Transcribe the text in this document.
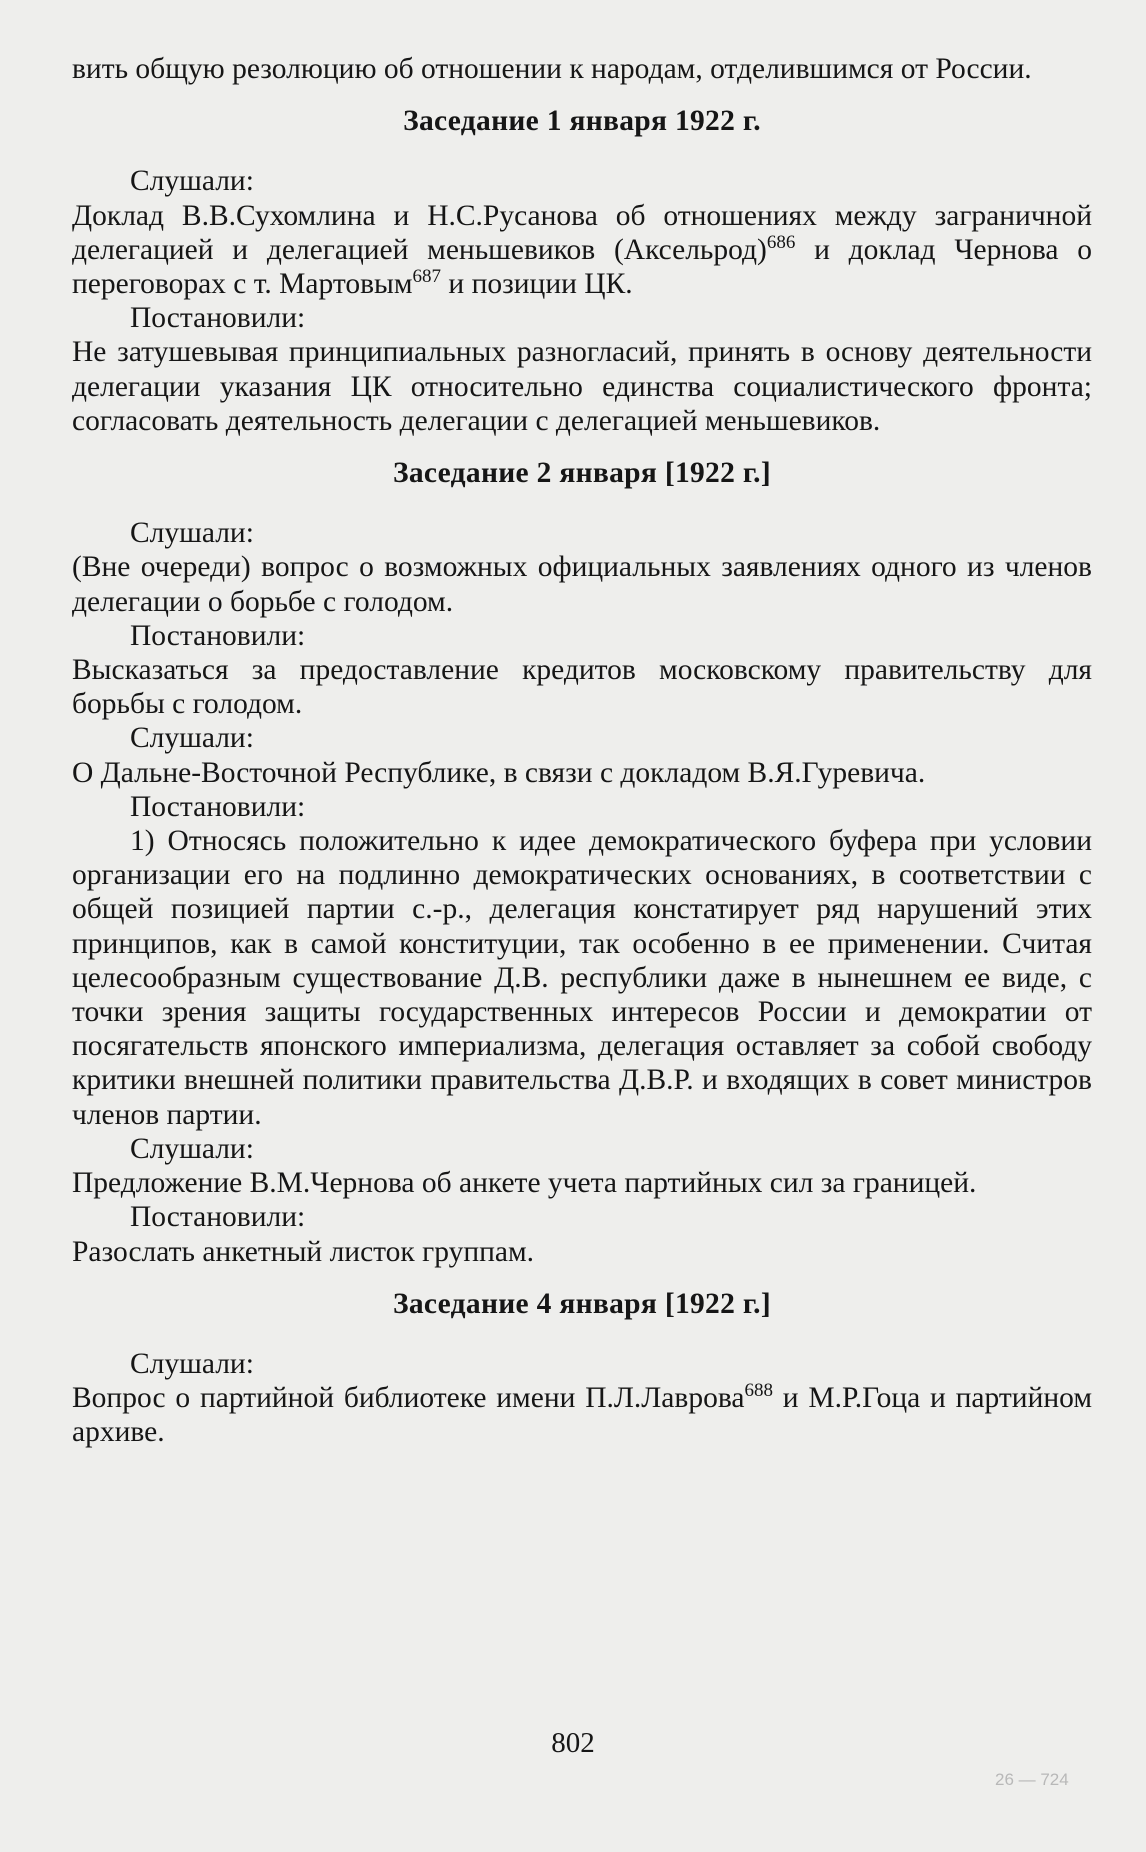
вить общую резолюцию об отношении к народам, отделившимся от России.

Заседание 1 января 1922 г.

Слушали:

Доклад В.В.Сухомлина и Н.С.Русанова об отношениях между заграничной делегацией и делегацией меньшевиков (Аксельрод)$^{686}$ и доклад Чернова о переговорах с т. Мартовым$^{687}$ и позиции ЦК.

Постановили:

Не затушевывая принципиальных разногласий, принять в основу деятельности делегации указания ЦК относительно единства социалистического фронта; согласовать деятельность делегации с делегацией меньшевиков.

Заседание 2 января [1922 г.]

Слушали:

(Вне очереди) вопрос о возможных официальных заявлениях одного из членов делегации о борьбе с голодом.

Постановили:

Высказаться за предоставление кредитов московскому правительству для борьбы с голодом.

Слушали:

О Дальне-Восточной Республике, в связи с докладом В.Я.Гуревича.

Постановили:

1) Относясь положительно к идее демократического буфера при условии организации его на подлинно демократических основаниях, в соответствии с общей позицией партии с.-р., делегация констатирует ряд нарушений этих принципов, как в самой конституции, так особенно в ее применении. Считая целесообразным существование Д.В. республики даже в нынешнем ее виде, с точки зрения защиты государственных интересов России и демократии от посягательств японского империализма, делегация оставляет за собой свободу критики внешней политики правительства Д.В.Р. и входящих в совет министров членов партии.

Слушали:

Предложение В.М.Чернова об анкете учета партийных сил за границей.

Постановили:

Разослать анкетный листок группам.

Заседание 4 января [1922 г.]

Слушали:

Вопрос о партийной библиотеке имени П.Л.Лаврова$^{688}$ и М.Р.Гоца и партийном архиве.

802
26 — 724
